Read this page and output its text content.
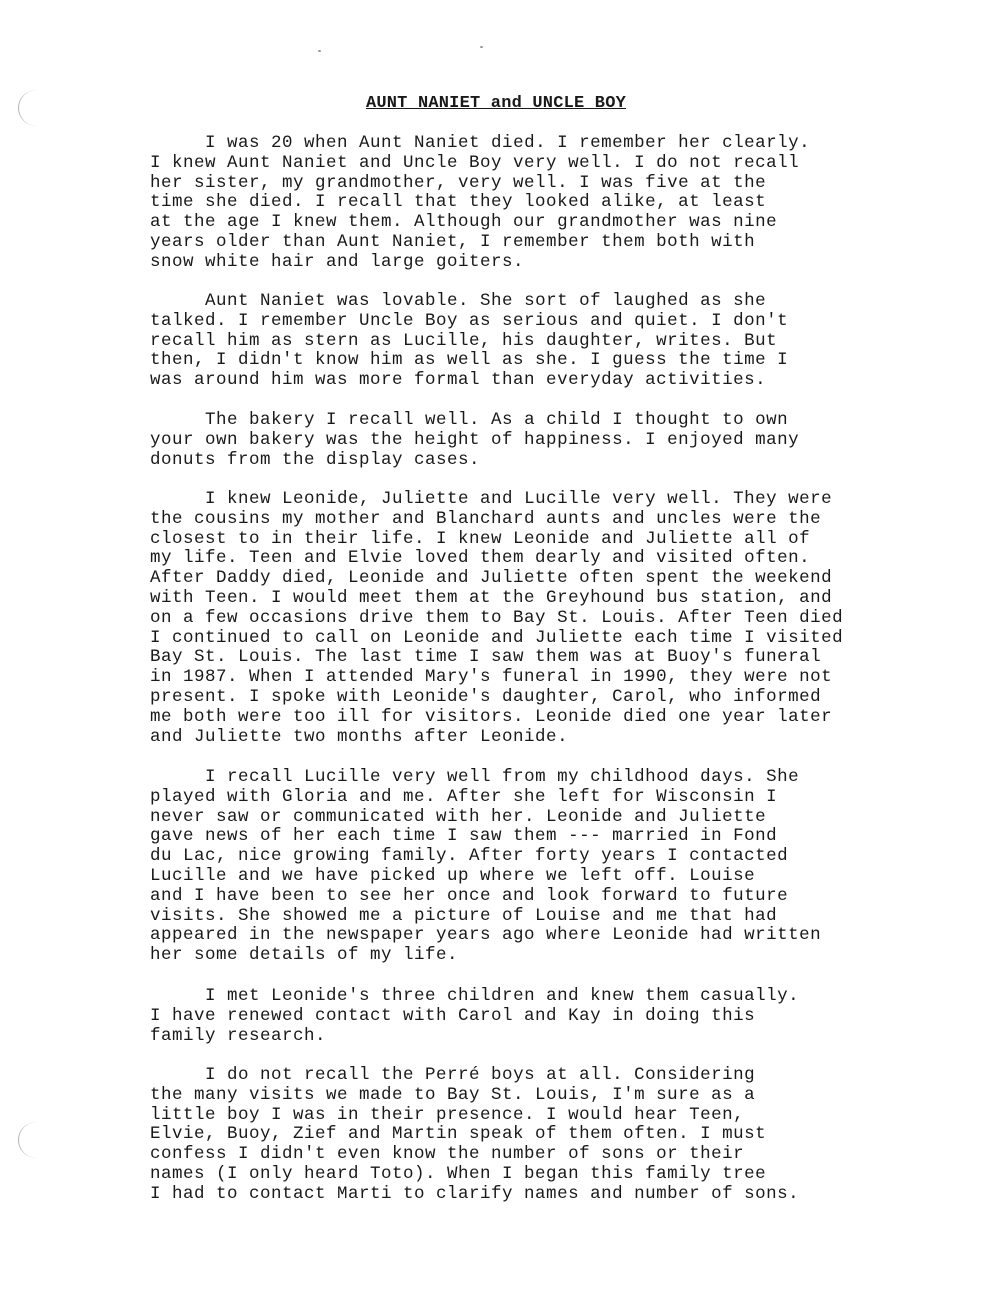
AUNT NANIET and UNCLE BOY

I was 20 when Aunt Naniet died. I remember her clearly.
I knew Aunt Naniet and Uncle Boy very well. I do not recall
her sister, my grandmother, very well. I was five at the
time she died. I recall that they looked alike, at least
at the age I knew them. Although our grandmother was nine
years older than Aunt Naniet, I remember them both with
snow white hair and large goiters.

Aunt Naniet was lovable. She sort of laughed as she
talked. I remember Uncle Boy as serious and quiet. I don't
recall him as stern as Lucille, his daughter, writes. But
then, I didn't know him as well as she. I guess the time I
was around him was more formal than everyday activities.

The bakery I recall well. As a child I thought to own
your own bakery was the height of happiness. I enjoyed many
donuts from the display cases.

I knew Leonide, Juliette and Lucille very well. They were
the cousins my mother and Blanchard aunts and uncles were the
closest to in their life. I knew Leonide and Juliette all of
my life. Teen and Elvie loved them dearly and visited often.
After Daddy died, Leonide and Juliette often spent the weekend
with Teen. I would meet them at the Greyhound bus station, and
on a few occasions drive them to Bay St. Louis. After Teen died
I continued to call on Leonide and Juliette each time I visited
Bay St. Louis. The last time I saw them was at Buoy's funeral
in 1987. When I attended Mary's funeral in 1990, they were not
present. I spoke with Leonide's daughter, Carol, who informed
me both were too ill for visitors. Leonide died one year later
and Juliette two months after Leonide.

I recall Lucille very well from my childhood days. She
played with Gloria and me. After she left for Wisconsin I
never saw or communicated with her. Leonide and Juliette
gave news of her each time I saw them --- married in Fond
du Lac, nice growing family. After forty years I contacted
Lucille and we have picked up where we left off. Louise
and I have been to see her once and look forward to future
visits. She showed me a picture of Louise and me that had
appeared in the newspaper years ago where Leonide had written
her some details of my life.

I met Leonide's three children and knew them casually.
I have renewed contact with Carol and Kay in doing this
family research.

I do not recall the Perré boys at all. Considering
the many visits we made to Bay St. Louis, I'm sure as a
little boy I was in their presence. I would hear Teen,
Elvie, Buoy, Zief and Martin speak of them often. I must
confess I didn't even know the number of sons or their
names (I only heard Toto). When I began this family tree
I had to contact Marti to clarify names and number of sons.
